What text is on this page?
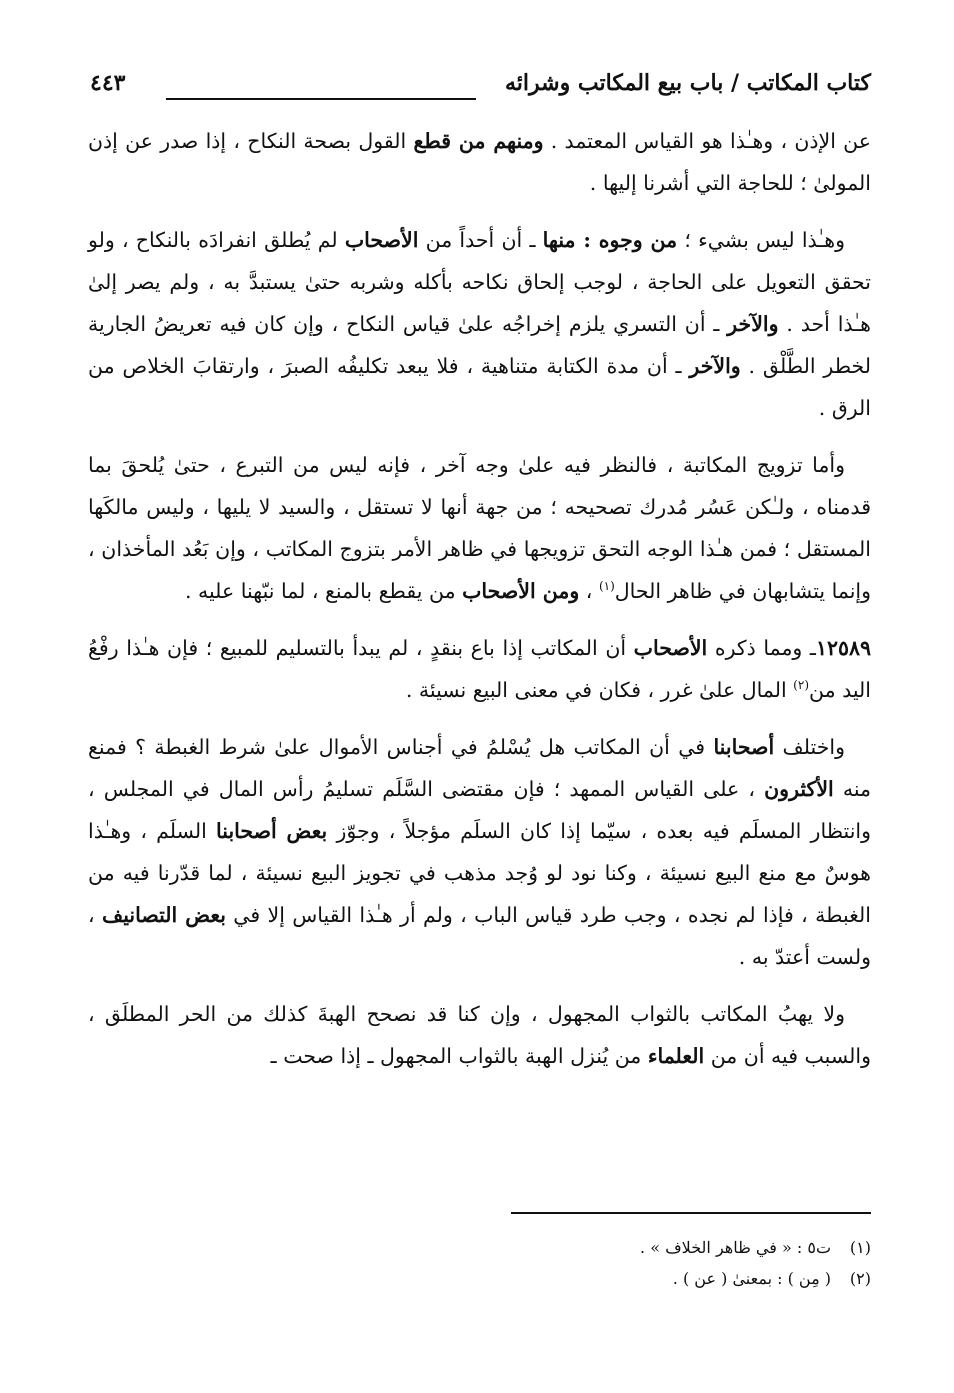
كتاب المكاتب / باب بيع المكاتب وشرائه
٤٤٣

عن الإذن ، وهـٰذا هو القياس المعتمد . ومنهم من قطع القول بصحة النكاح ، إذا صدر عن إذن المولىٰ ؛ للحاجة التي أشرنا إليها .

وهـٰذا ليس بشيء ؛ من وجوه : منها ـ أن أحداً من الأصحاب لم يُطلق انفرادَه بالنكاح ، ولو تحقق التعويل على الحاجة ، لوجب إلحاق نكاحه بأكله وشربه حتىٰ يستبدَّ به ، ولم يصر إلىٰ هـٰذا أحد . والآخر ـ أن التسري يلزم إخراجُه علىٰ قياس النكاح ، وإن كان فيه تعريضُ الجارية لخطر الطَّلْق . والآخر ـ أن مدة الكتابة متناهية ، فلا يبعد تكليفُه الصبرَ ، وارتقابَ الخلاص من الرق .

وأما تزويج المكاتبة ، فالنظر فيه علىٰ وجه آخر ، فإنه ليس من التبرع ، حتىٰ يُلحقَ بما قدمناه ، ولـٰكن عَسُر مُدرك تصحيحه ؛ من جهة أنها لا تستقل ، والسيد لا يليها ، وليس مالكَها المستقل ؛ فمن هـٰذا الوجه التحق تزويجها في ظاهر الأمر بتزوج المكاتب ، وإن بَعُد المأخذان ، وإنما يتشابهان في ظاهر الحال$^{(١)}$ ، ومن الأصحاب من يقطع بالمنع ، لما نبّهنا عليه .

١٢٥٨٩ـ ومما ذكره الأصحاب أن المكاتب إذا باع بنقدٍ ، لم يبدأ بالتسليم للمبيع ؛ فإن هـٰذا رفْعُ اليد من$^{(٢)}$ المال علىٰ غرر ، فكان في معنى البيع نسيئة .

واختلف أصحابنا في أن المكاتب هل يُسْلمُ في أجناس الأموال علىٰ شرط الغبطة ؟ فمنع منه الأكثرون ، على القياس الممهد ؛ فإن مقتضى السَّلَم تسليمُ رأس المال في المجلس ، وانتظار المسلَم فيه بعده ، سيّما إذا كان السلَم مؤجلاً ، وجوّز بعض أصحابنا السلَم ، وهـٰذا هوسٌ مع منع البيع نسيئة ، وكنا نود لو وُجد مذهب في تجويز البيع نسيئة ، لما قدّرنا فيه من الغبطة ، فإذا لم نجده ، وجب طرد قياس الباب ، ولم أر هـٰذا القياس إلا في بعض التصانيف ، ولست أعتدّ به .

ولا يهبُ المكاتب بالثواب المجهول ، وإن كنا قد نصحح الهبةَ كذلك من الحر المطلَق ، والسبب فيه أن من العلماء من يُنزل الهبة بالثواب المجهول ـ إذا صحت ـ

(١)ت٥ : « في ظاهر الخلاف » .
(٢)( مِن ) : بمعنىٰ ( عن ) .
